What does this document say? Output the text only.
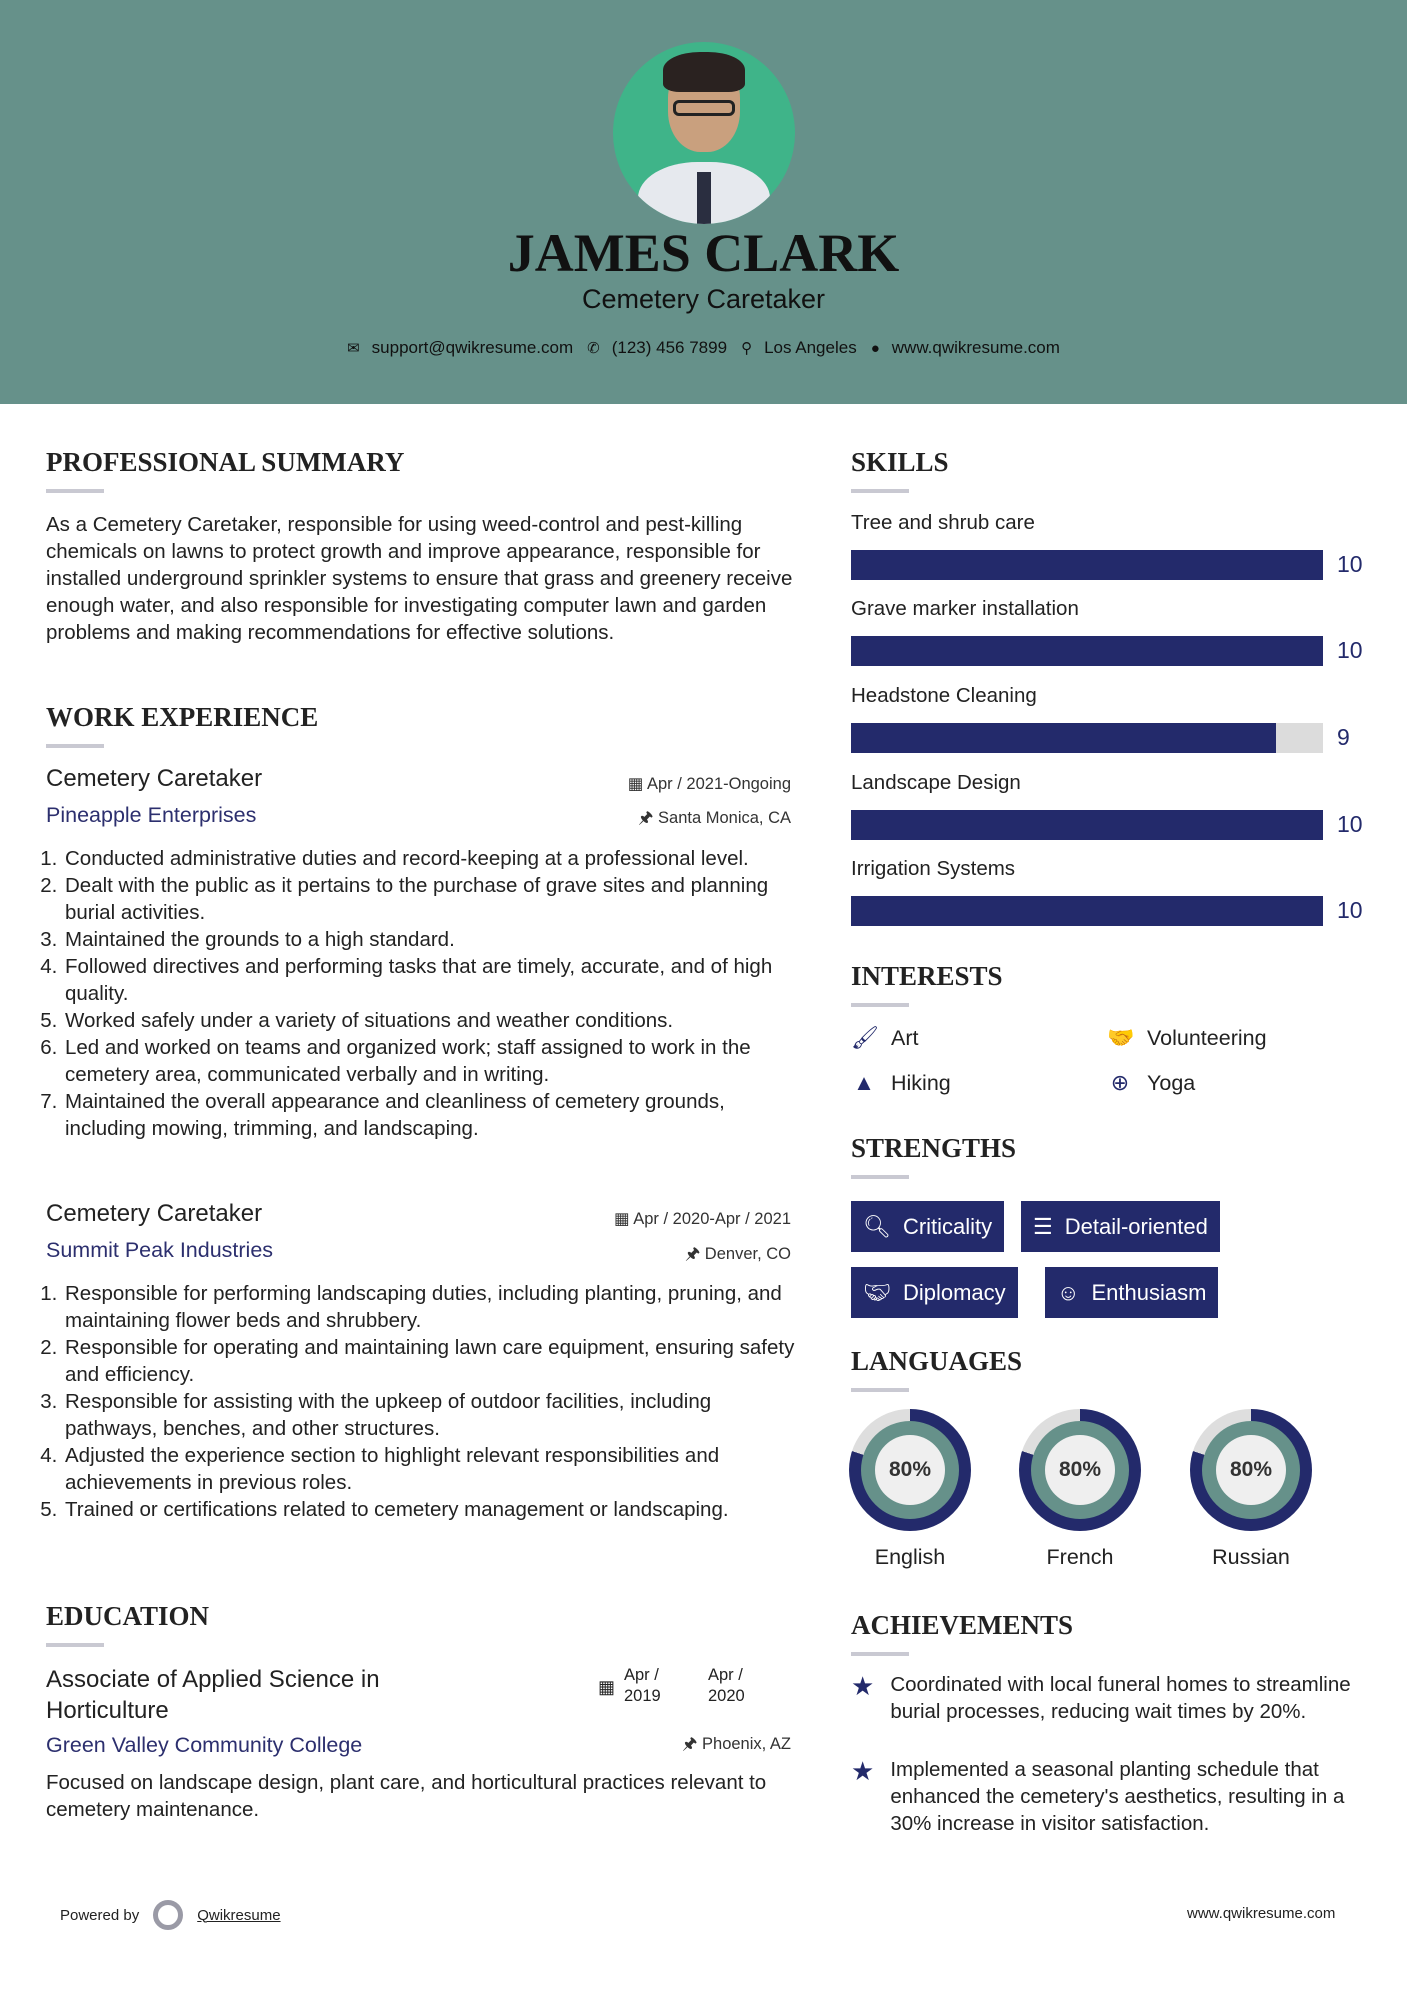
JAMES CLARK
Cemetery Caretaker
✉ support@qwikresume.com ✆ (123) 456 7899 ⚲ Los Angeles ● www.qwikresume.com
PROFESSIONAL SUMMARY
As a Cemetery Caretaker, responsible for using weed-control and pest-killing chemicals on lawns to protect growth and improve appearance, responsible for installed underground sprinkler systems to ensure that grass and greenery receive enough water, and also responsible for investigating computer lawn and garden problems and making recommendations for effective solutions.
WORK EXPERIENCE
Cemetery Caretaker	▦ Apr / 2021-Ongoing
Pineapple Enterprises	🖈 Santa Monica, CA
1. Conducted administrative duties and record-keeping at a professional level.
2. Dealt with the public as it pertains to the purchase of grave sites and planning burial activities.
3. Maintained the grounds to a high standard.
4. Followed directives and performing tasks that are timely, accurate, and of high quality.
5. Worked safely under a variety of situations and weather conditions.
6. Led and worked on teams and organized work; staff assigned to work in the cemetery area, communicated verbally and in writing.
7. Maintained the overall appearance and cleanliness of cemetery grounds, including mowing, trimming, and landscaping.
Cemetery Caretaker	▦ Apr / 2020-Apr / 2021
Summit Peak Industries	🖈 Denver, CO
1. Responsible for performing landscaping duties, including planting, pruning, and maintaining flower beds and shrubbery.
2. Responsible for operating and maintaining lawn care equipment, ensuring safety and efficiency.
3. Responsible for assisting with the upkeep of outdoor facilities, including pathways, benches, and other structures.
4. Adjusted the experience section to highlight relevant responsibilities and achievements in previous roles.
5. Trained or certifications related to cemetery management or landscaping.
EDUCATION
Associate of Applied Science in Horticulture
▦
Apr / 2019
Apr / 2020
Green Valley Community College	🖈 Phoenix, AZ
Focused on landscape design, plant care, and horticultural practices relevant to cemetery maintenance.
SKILLS
Tree and shrub care
10
Grave marker installation
10
Headstone Cleaning
9
Landscape Design
10
Irrigation Systems
10
INTERESTS
🖌 Art	🤝 Volunteering
▲ Hiking	⊕ Yoga
STRENGTHS
🔍︎ Criticality ☰ Detail-oriented
🤝︎ Diplomacy ☺ Enthusiasm
LANGUAGES
80%
English
80%
French
80%
Russian
ACHIEVEMENTS
★ Coordinated with local funeral homes to streamline burial processes, reducing wait times by 20%.
★ Implemented a seasonal planting schedule that enhanced the cemetery's aesthetics, resulting in a 30% increase in visitor satisfaction.
Powered by	Qwikresume	www.qwikresume.com
